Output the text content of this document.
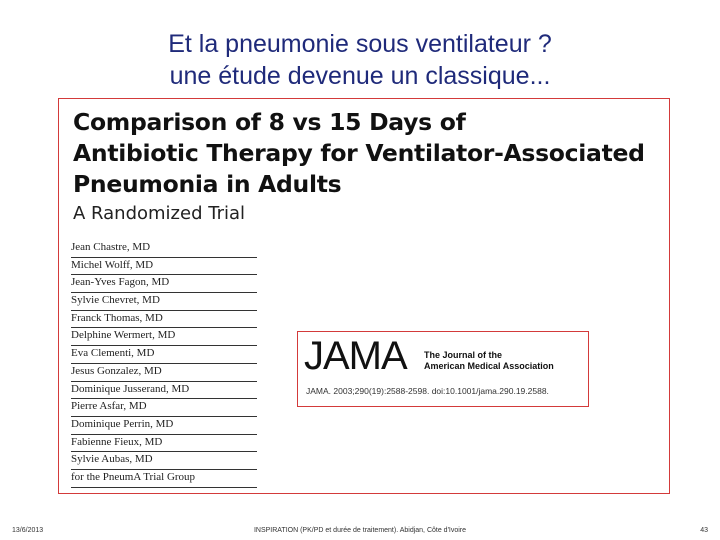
Et la pneumonie sous ventilateur ?
une étude devenue un classique...
Comparison of 8 vs 15 Days of
Antibiotic Therapy for Ventilator-Associated
Pneumonia in Adults
A Randomized Trial
Jean Chastre, MD
Michel Wolff, MD
Jean-Yves Fagon, MD
Sylvie Chevret, MD
Franck Thomas, MD
Delphine Wermert, MD
Eva Clementi, MD
Jesus Gonzalez, MD
Dominique Jusserand, MD
Pierre Asfar, MD
Dominique Perrin, MD
Fabienne Fieux, MD
Sylvie Aubas, MD
for the PneumA Trial Group
JAMA The Journal of the
American Medical Association
JAMA. 2003;290(19):2588-2598. doi:10.1001/jama.290.19.2588.
13/6/2013	INSPIRATION (PK/PD et durée de traitement). Abidjan, Côte d'Ivoire	43
